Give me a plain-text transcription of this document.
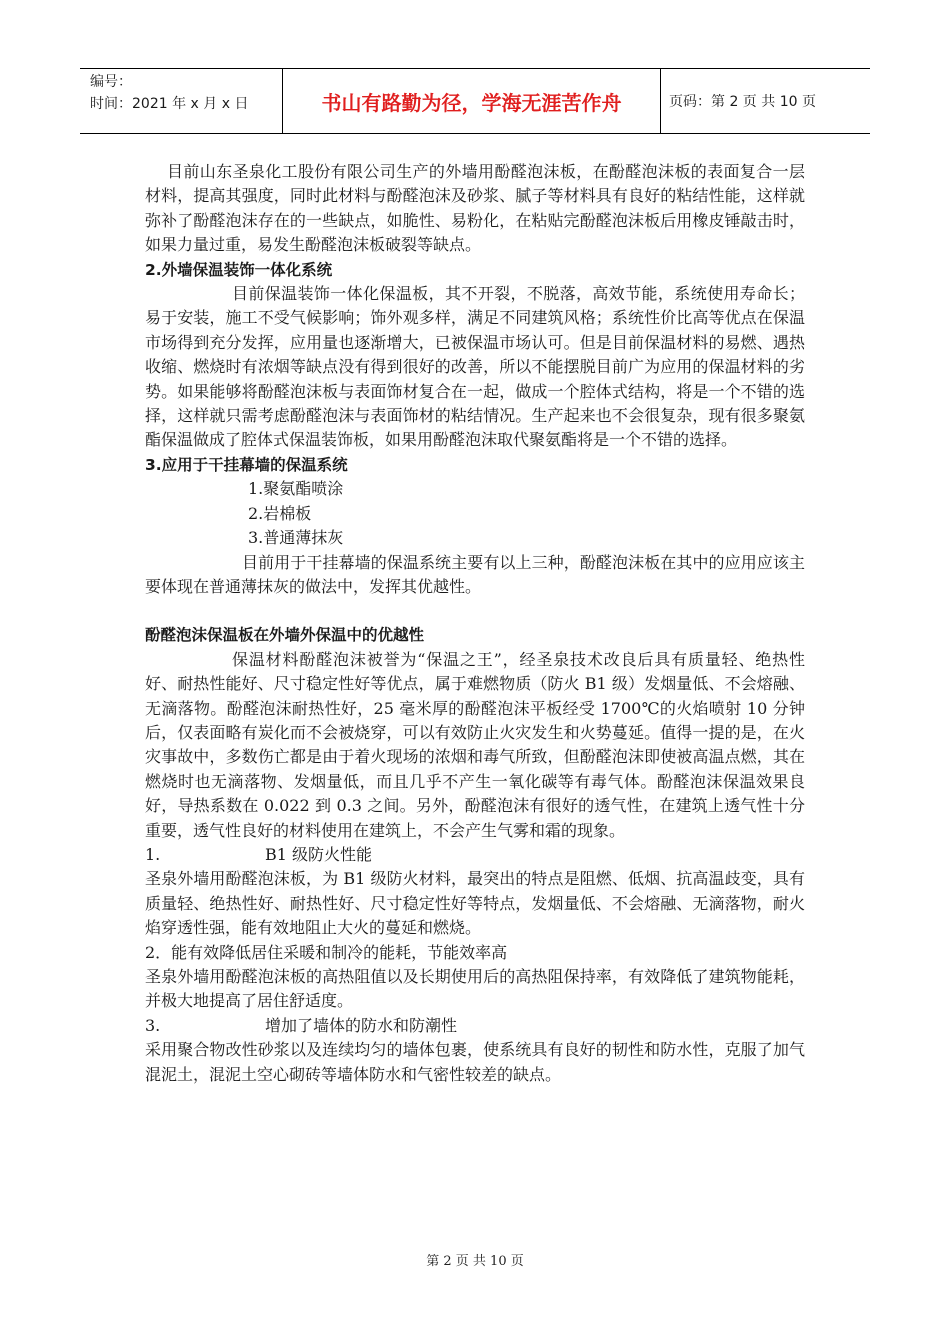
编号：
时间：2021 年 x 月 x 日	书山有路勤为径，学海无涯苦作舟	页码：第 2 页 共 10 页

目前山东圣泉化工股份有限公司生产的外墙用酚醛泡沫板，在酚醛泡沫板的表面复合一层材料，提高其强度，同时此材料与酚醛泡沫及砂浆、腻子等材料具有良好的粘结性能，这样就弥补了酚醛泡沫存在的一些缺点，如脆性、易粉化，在粘贴完酚醛泡沫板后用橡皮锤敲击时，如果力量过重，易发生酚醛泡沫板破裂等缺点。

2.外墙保温装饰一体化系统

目前保温装饰一体化保温板，其不开裂，不脱落，高效节能，系统使用寿命长；易于安装，施工不受气候影响；饰外观多样，满足不同建筑风格；系统性价比高等优点在保温市场得到充分发挥，应用量也逐渐增大，已被保温市场认可。但是目前保温材料的易燃、遇热收缩、燃烧时有浓烟等缺点没有得到很好的改善，所以不能摆脱目前广为应用的保温材料的劣势。如果能够将酚醛泡沫板与表面饰材复合在一起，做成一个腔体式结构，将是一个不错的选择，这样就只需考虑酚醛泡沫与表面饰材的粘结情况。生产起来也不会很复杂，现有很多聚氨酯保温做成了腔体式保温装饰板，如果用酚醛泡沫取代聚氨酯将是一个不错的选择。

3.应用于干挂幕墙的保温系统

1.聚氨酯喷涂

2.岩棉板

3.普通薄抹灰

目前用于干挂幕墙的保温系统主要有以上三种，酚醛泡沫板在其中的应用应该主要体现在普通薄抹灰的做法中，发挥其优越性。

酚醛泡沫保温板在外墙外保温中的优越性

保温材料酚醛泡沫被誉为“保温之王”，经圣泉技术改良后具有质量轻、绝热性好、耐热性能好、尺寸稳定性好等优点，属于难燃物质（防火 B1 级）发烟量低、不会熔融、无滴落物。酚醛泡沫耐热性好，25 毫米厚的酚醛泡沫平板经受 1700℃的火焰喷射 10 分钟后，仅表面略有炭化而不会被烧穿，可以有效防止火灾发生和火势蔓延。值得一提的是，在火灾事故中，多数伤亡都是由于着火现场的浓烟和毒气所致，但酚醛泡沫即使被高温点燃，其在燃烧时也无滴落物、发烟量低，而且几乎不产生一氧化碳等有毒气体。酚醛泡沫保温效果良好，导热系数在 0.022 到 0.3 之间。另外，酚醛泡沫有很好的透气性，在建筑上透气性十分重要，透气性良好的材料使用在建筑上，不会产生气雾和霜的现象。

1.	B1 级防火性能

圣泉外墙用酚醛泡沫板，为 B1 级防火材料，最突出的特点是阻燃、低烟、抗高温歧变，具有质量轻、绝热性好、耐热性好、尺寸稳定性好等特点，发烟量低、不会熔融、无滴落物，耐火焰穿透性强，能有效地阻止大火的蔓延和燃烧。

2．能有效降低居住采暖和制冷的能耗，节能效率高

圣泉外墙用酚醛泡沫板的高热阻值以及长期使用后的高热阻保持率，有效降低了建筑物能耗，并极大地提高了居住舒适度。

3.	增加了墙体的防水和防潮性

采用聚合物改性砂浆以及连续均匀的墙体包裹，使系统具有良好的韧性和防水性，克服了加气混泥土，混泥土空心砌砖等墙体防水和气密性较差的缺点。

第 2 页 共 10 页
